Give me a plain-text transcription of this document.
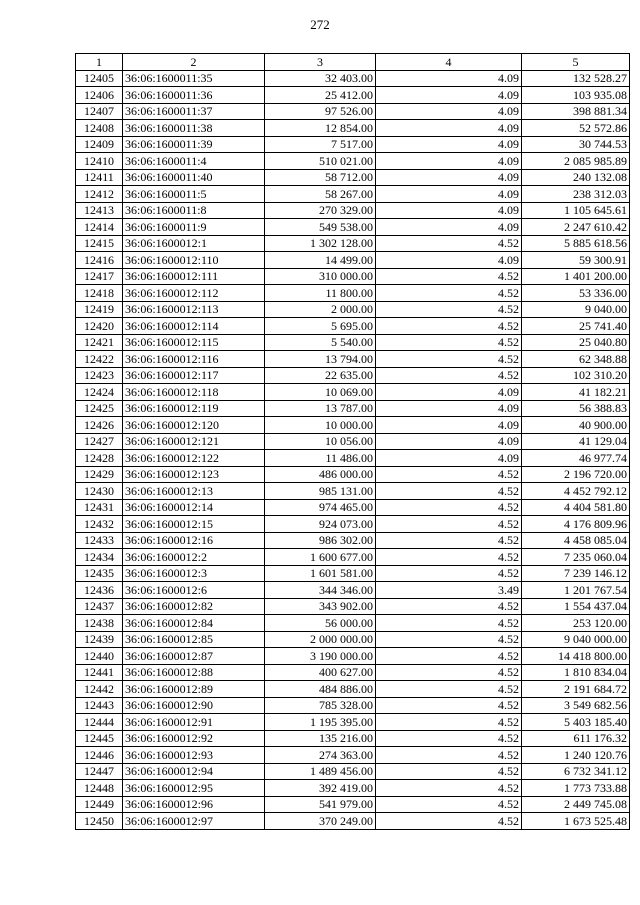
272
1	2	3	4	5
12405	36:06:1600011:35	32 403.00	4.09	132 528.27
12406	36:06:1600011:36	25 412.00	4.09	103 935.08
12407	36:06:1600011:37	97 526.00	4.09	398 881.34
12408	36:06:1600011:38	12 854.00	4.09	52 572.86
12409	36:06:1600011:39	7 517.00	4.09	30 744.53
12410	36:06:1600011:4	510 021.00	4.09	2 085 985.89
12411	36:06:1600011:40	58 712.00	4.09	240 132.08
12412	36:06:1600011:5	58 267.00	4.09	238 312.03
12413	36:06:1600011:8	270 329.00	4.09	1 105 645.61
12414	36:06:1600011:9	549 538.00	4.09	2 247 610.42
12415	36:06:1600012:1	1 302 128.00	4.52	5 885 618.56
12416	36:06:1600012:110	14 499.00	4.09	59 300.91
12417	36:06:1600012:111	310 000.00	4.52	1 401 200.00
12418	36:06:1600012:112	11 800.00	4.52	53 336.00
12419	36:06:1600012:113	2 000.00	4.52	9 040.00
12420	36:06:1600012:114	5 695.00	4.52	25 741.40
12421	36:06:1600012:115	5 540.00	4.52	25 040.80
12422	36:06:1600012:116	13 794.00	4.52	62 348.88
12423	36:06:1600012:117	22 635.00	4.52	102 310.20
12424	36:06:1600012:118	10 069.00	4.09	41 182.21
12425	36:06:1600012:119	13 787.00	4.09	56 388.83
12426	36:06:1600012:120	10 000.00	4.09	40 900.00
12427	36:06:1600012:121	10 056.00	4.09	41 129.04
12428	36:06:1600012:122	11 486.00	4.09	46 977.74
12429	36:06:1600012:123	486 000.00	4.52	2 196 720.00
12430	36:06:1600012:13	985 131.00	4.52	4 452 792.12
12431	36:06:1600012:14	974 465.00	4.52	4 404 581.80
12432	36:06:1600012:15	924 073.00	4.52	4 176 809.96
12433	36:06:1600012:16	986 302.00	4.52	4 458 085.04
12434	36:06:1600012:2	1 600 677.00	4.52	7 235 060.04
12435	36:06:1600012:3	1 601 581.00	4.52	7 239 146.12
12436	36:06:1600012:6	344 346.00	3.49	1 201 767.54
12437	36:06:1600012:82	343 902.00	4.52	1 554 437.04
12438	36:06:1600012:84	56 000.00	4.52	253 120.00
12439	36:06:1600012:85	2 000 000.00	4.52	9 040 000.00
12440	36:06:1600012:87	3 190 000.00	4.52	14 418 800.00
12441	36:06:1600012:88	400 627.00	4.52	1 810 834.04
12442	36:06:1600012:89	484 886.00	4.52	2 191 684.72
12443	36:06:1600012:90	785 328.00	4.52	3 549 682.56
12444	36:06:1600012:91	1 195 395.00	4.52	5 403 185.40
12445	36:06:1600012:92	135 216.00	4.52	611 176.32
12446	36:06:1600012:93	274 363.00	4.52	1 240 120.76
12447	36:06:1600012:94	1 489 456.00	4.52	6 732 341.12
12448	36:06:1600012:95	392 419.00	4.52	1 773 733.88
12449	36:06:1600012:96	541 979.00	4.52	2 449 745.08
12450	36:06:1600012:97	370 249.00	4.52	1 673 525.48
